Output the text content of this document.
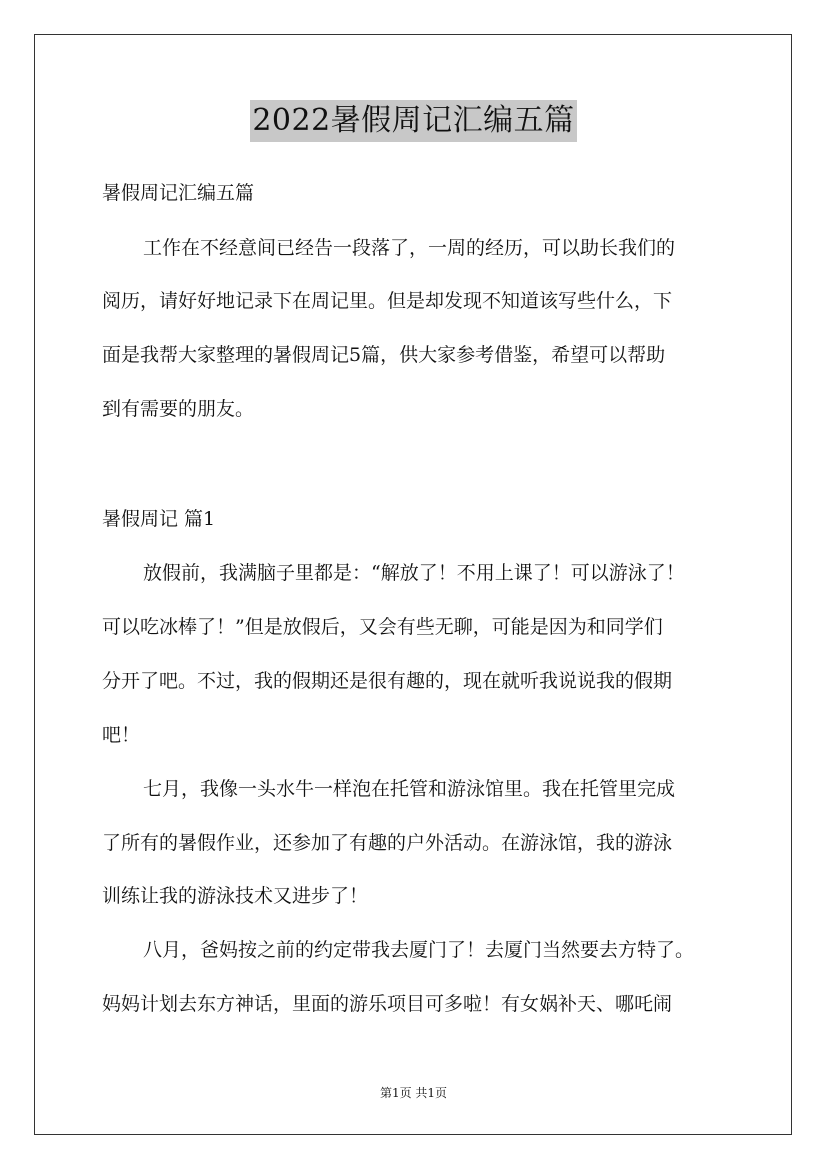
2022暑假周记汇编五篇
暑假周记汇编五篇
工作在不经意间已经告一段落了，一周的经历，可以助长我们的
阅历，请好好地记录下在周记里。但是却发现不知道该写些什么，下
面是我帮大家整理的暑假周记5篇，供大家参考借鉴，希望可以帮助
到有需要的朋友。
暑假周记 篇1
放假前，我满脑子里都是：“解放了！不用上课了！可以游泳了！
可以吃冰棒了！”但是放假后，又会有些无聊，可能是因为和同学们
分开了吧。不过，我的假期还是很有趣的，现在就听我说说我的假期
吧！
七月，我像一头水牛一样泡在托管和游泳馆里。我在托管里完成
了所有的暑假作业，还参加了有趣的户外活动。在游泳馆，我的游泳
训练让我的游泳技术又进步了！
八月，爸妈按之前的约定带我去厦门了！去厦门当然要去方特了。
妈妈计划去东方神话，里面的游乐项目可多啦！有女娲补天、哪吒闹
第1页 共1页
